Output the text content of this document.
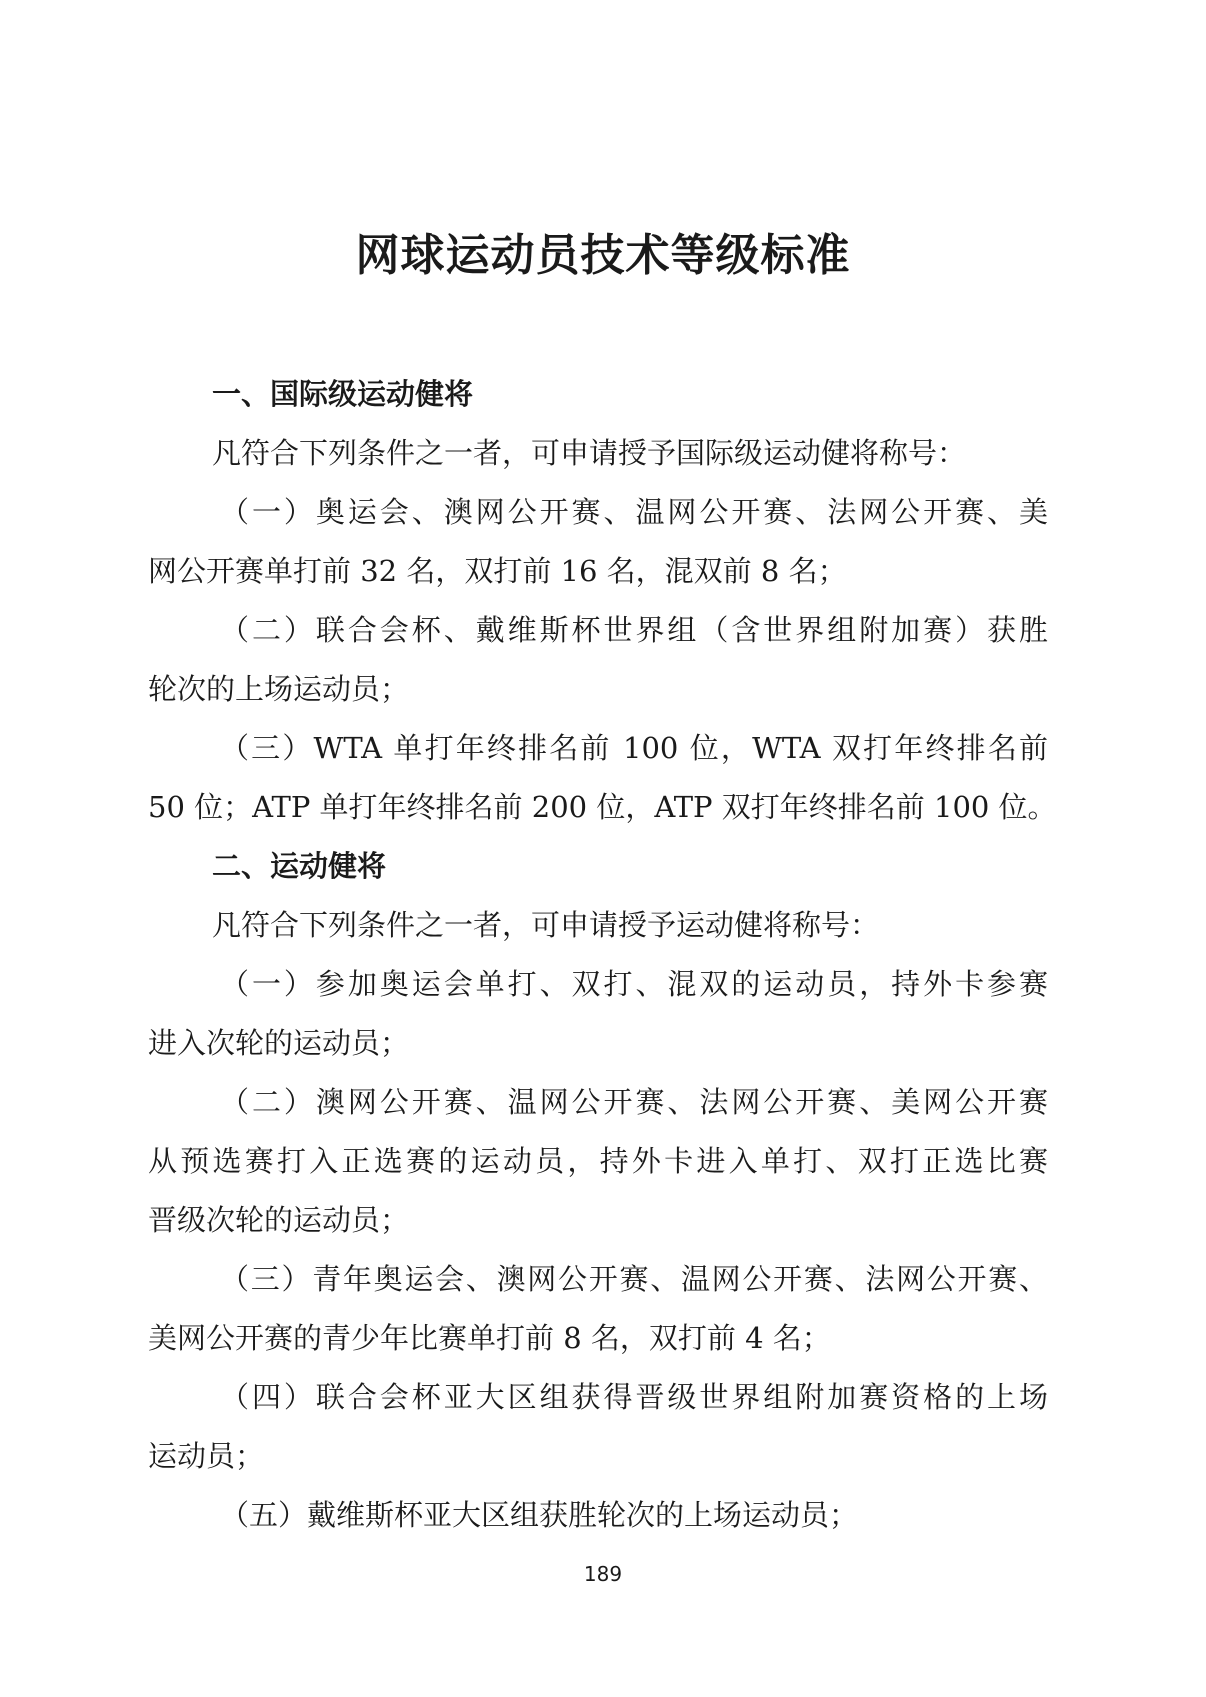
网球运动员技术等级标准
一、国际级运动健将

凡符合下列条件之一者，可申请授予国际级运动健将称号：

（一）奥运会、澳网公开赛、温网公开赛、法网公开赛、美

网公开赛单打前 32 名，双打前 16 名，混双前 8 名；

（二）联合会杯、戴维斯杯世界组（含世界组附加赛）获胜

轮次的上场运动员；

（三）WTA 单打年终排名前 100 位，WTA 双打年终排名前

50 位；ATP 单打年终排名前 200 位，ATP 双打年终排名前 100 位。

二、运动健将

凡符合下列条件之一者，可申请授予运动健将称号：

（一）参加奥运会单打、双打、混双的运动员，持外卡参赛

进入次轮的运动员；

（二）澳网公开赛、温网公开赛、法网公开赛、美网公开赛

从预选赛打入正选赛的运动员，持外卡进入单打、双打正选比赛

晋级次轮的运动员；

（三）青年奥运会、澳网公开赛、温网公开赛、法网公开赛、

美网公开赛的青少年比赛单打前 8 名，双打前 4 名；

（四）联合会杯亚大区组获得晋级世界组附加赛资格的上场

运动员；

（五）戴维斯杯亚大区组获胜轮次的上场运动员；

189
